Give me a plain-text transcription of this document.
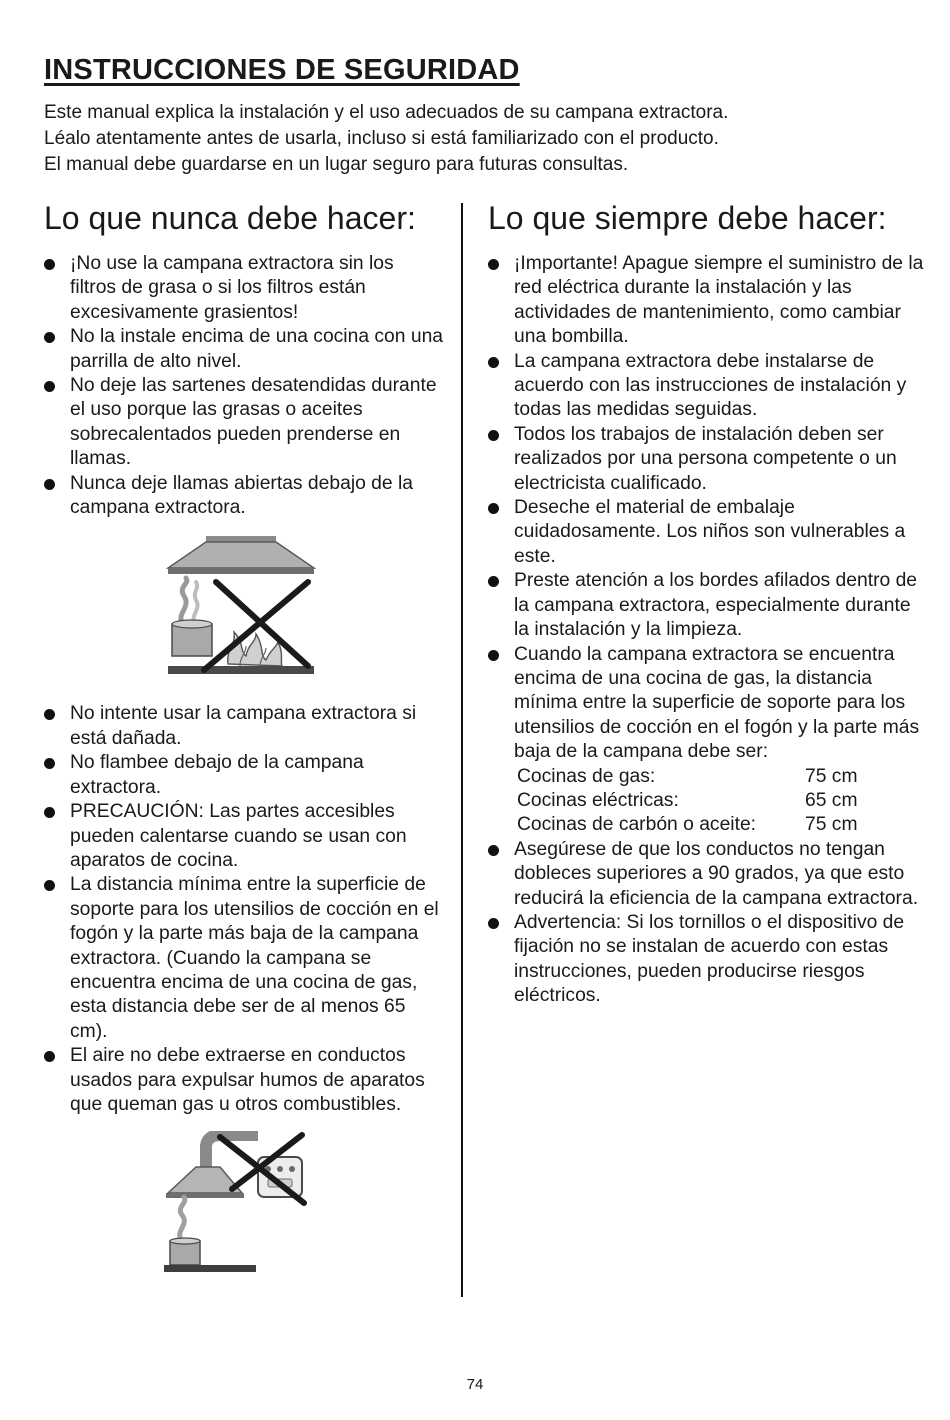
INSTRUCCIONES DE SEGURIDAD

Este manual explica la instalación y el uso adecuados de su campana extractora.

Léalo atentamente antes de usarla, incluso si está familiarizado con el producto.

El manual debe guardarse en un lugar seguro para futuras consultas.

Lo que nunca debe hacer:
¡No use la campana extractora sin los filtros de grasa o si los filtros están excesivamente grasientos!
No la instale encima de una cocina con una parrilla de alto nivel.
No deje las sartenes desatendidas durante el uso porque las grasas o aceites sobrecalentados pueden prenderse en llamas.
Nunca deje llamas abiertas debajo de la campana extractora.
No intente usar la campana extractora si está dañada.
No flambee debajo de la campana extractora.
PRECAUCIÓN: Las partes accesibles pueden calentarse cuando se usan con aparatos de cocina.
La distancia mínima entre la superficie de soporte para los utensilios de cocción en el fogón y la parte más baja de la campana extractora. (Cuando la campana se encuentra encima de una cocina de gas, esta distancia debe ser de al menos 65 cm).
El aire no debe extraerse en conductos usados para expulsar humos de aparatos que queman gas u otros combustibles.
Lo que siempre debe hacer:
¡Importante! Apague siempre el suministro de la red eléctrica durante la instalación y las actividades de mantenimiento, como cambiar una bombilla.
La campana extractora debe instalarse de acuerdo con las instrucciones de instalación y todas las medidas seguidas.
Todos los trabajos de instalación deben ser realizados por una persona competente o un electricista cualificado.
Deseche el material de embalaje cuidadosamente. Los niños son vulnerables a este.
Preste atención a los bordes afilados dentro de la campana extractora, especialmente durante la instalación y la limpieza.
Cuando la campana extractora se encuentra encima de una cocina de gas, la distancia mínima entre la superficie de soporte para los utensilios de cocción en el fogón y la parte más baja de la campana debe ser:
Cocinas de gas:	75 cm
Cocinas eléctricas:	65 cm
Cocinas de carbón o aceite:	75 cm
Asegúrese de que los conductos no tengan dobleces superiores a 90 grados, ya que esto reducirá la eficiencia de la campana extractora.
Advertencia: Si los tornillos o el dispositivo de fijación no se instalan de acuerdo con estas instrucciones, pueden producirse riesgos eléctricos.
74
